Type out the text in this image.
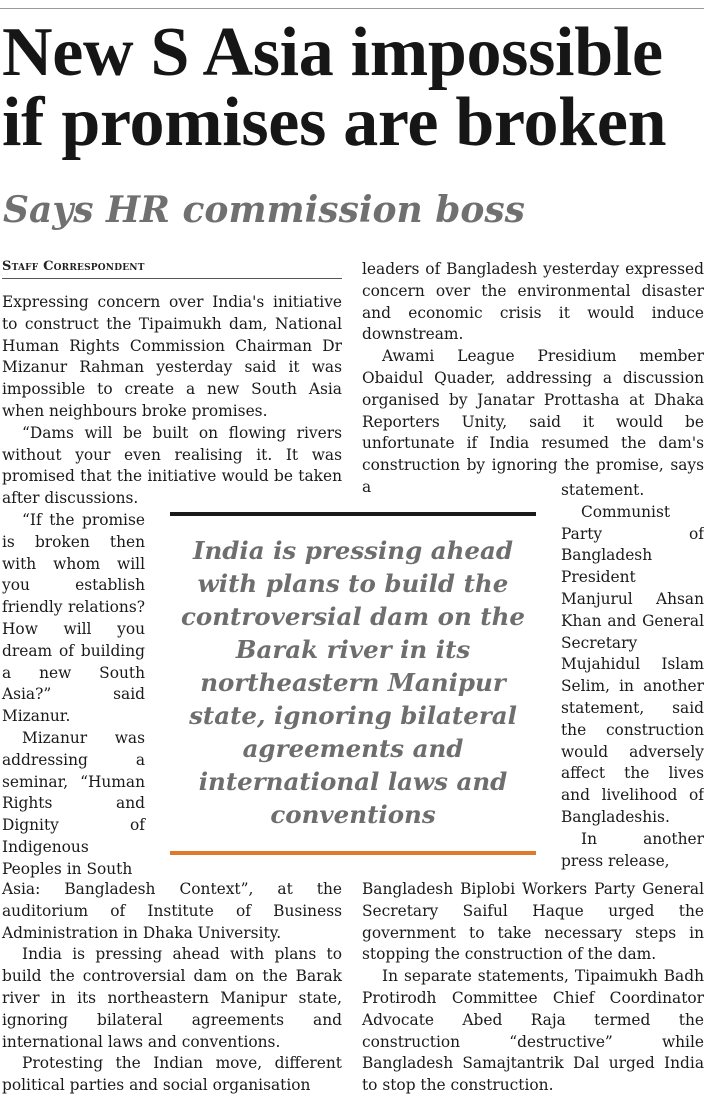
New S Asia impossible
if promises are broken
Says HR commission boss
Staff Correspondent

Expressing concern over India's initiative to construct the Tipaimukh dam, National Human Rights Commission Chairman Dr Mizanur Rahman yesterday said it was impossible to create a new South Asia when neighbours broke promises.

“Dams will be built on flowing rivers without your even realising it. It was promised that the initiative would be taken after discussions.

“If the promise is broken then with whom will you establish friendly relations? How will you dream of building a new South Asia?” said Mizanur.

Mizanur was addressing a seminar, “Human Rights and Dignity of Indigenous Peoples in South

Asia: Bangladesh Context”, at the auditorium of Institute of Business Administration in Dhaka University.

India is pressing ahead with plans to build the controversial dam on the Barak river in its northeastern Manipur state, ignoring bilateral agreements and international laws and conventions.

Protesting the Indian move, different political parties and social organisation

leaders of Bangladesh yesterday expressed concern over the environmental disaster and economic crisis it would induce downstream.

Awami League Presidium member Obaidul Quader, addressing a discussion organised by Janatar Prottasha at Dhaka Reporters Unity, said it would be unfortunate if India resumed the dam's construction by ignoring the promise, says a	statement.

Communist Party of Bangladesh President Manjurul Ahsan Khan and General Secretary Mujahidul Islam Selim, in another statement, said the construction would adversely affect the lives and livelihood of Bangladeshis.

In another press release,

Bangladesh Biplobi Workers Party General Secretary Saiful Haque urged the government to take necessary steps in stopping the construction of the dam.

In separate statements, Tipaimukh Badh Protirodh Committee Chief Coordinator Advocate Abed Raja termed the construction “destructive” while Bangladesh Samajtantrik Dal urged India to stop the construction.

India is pressing ahead with plans to build the controversial dam on the Barak river in its northeastern Manipur state, ignoring bilateral agreements and international laws and conventions
